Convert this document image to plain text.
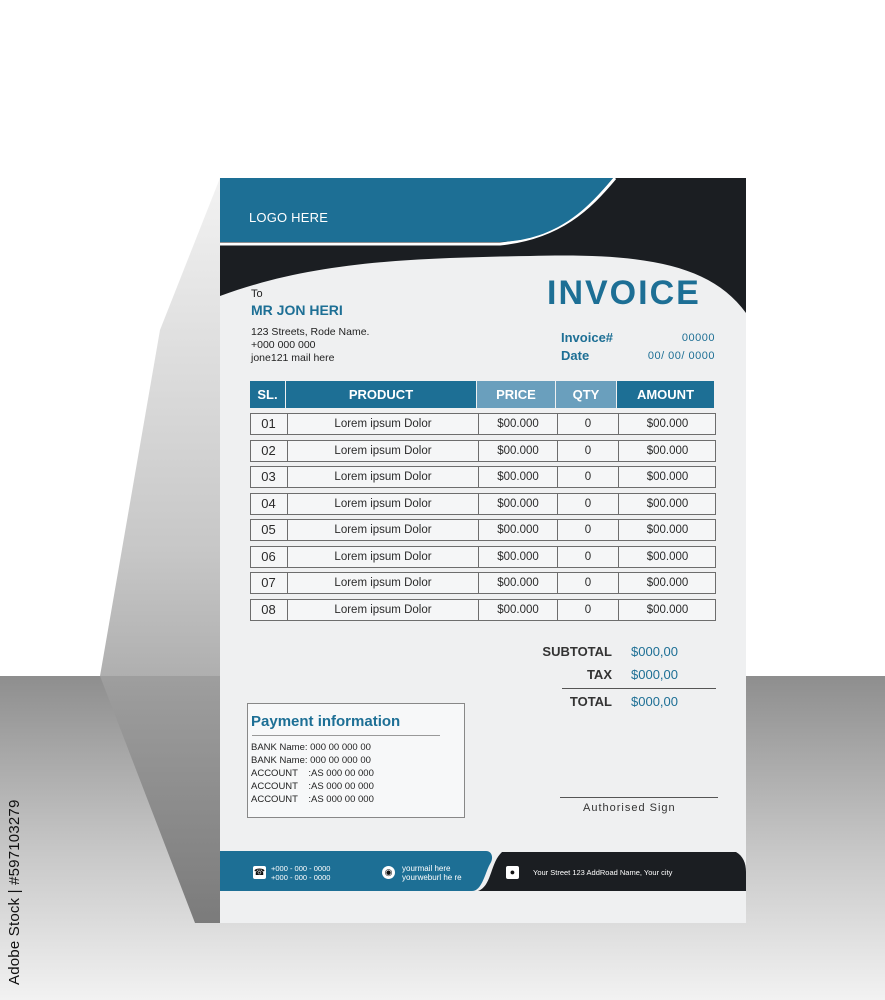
Adobe Stock | #597103279
LOGO HERE
INVOICE
To
MR JON HERI
123 Streets, Rode Name.
+000 000 000
jone121 mail here
Invoice#	00000
Date	00/ 00/ 0000
SL.	PRODUCT	PRICE	QTY	AMOUNT
01	Lorem ipsum Dolor	$00.000	0	$00.000
02	Lorem ipsum Dolor	$00.000	0	$00.000
03	Lorem ipsum Dolor	$00.000	0	$00.000
04	Lorem ipsum Dolor	$00.000	0	$00.000
05	Lorem ipsum Dolor	$00.000	0	$00.000
06	Lorem ipsum Dolor	$00.000	0	$00.000
07	Lorem ipsum Dolor	$00.000	0	$00.000
08	Lorem ipsum Dolor	$00.000	0	$00.000
SUBTOTAL $000,00
TAX $000,00
TOTAL $000,00
Payment information
BANK Name: 000 00 000 00
BANK Name: 000 00 000 00
ACCOUNT    :AS 000 00 000
ACCOUNT    :AS 000 00 000
ACCOUNT    :AS 000 00 000
Authorised Sign
☎ +000 - 000 - 0000
+000 - 000 - 0000
◉	yourmail here
yourweburl he re
●	Your Street 123 AddRoad Name, Your city
